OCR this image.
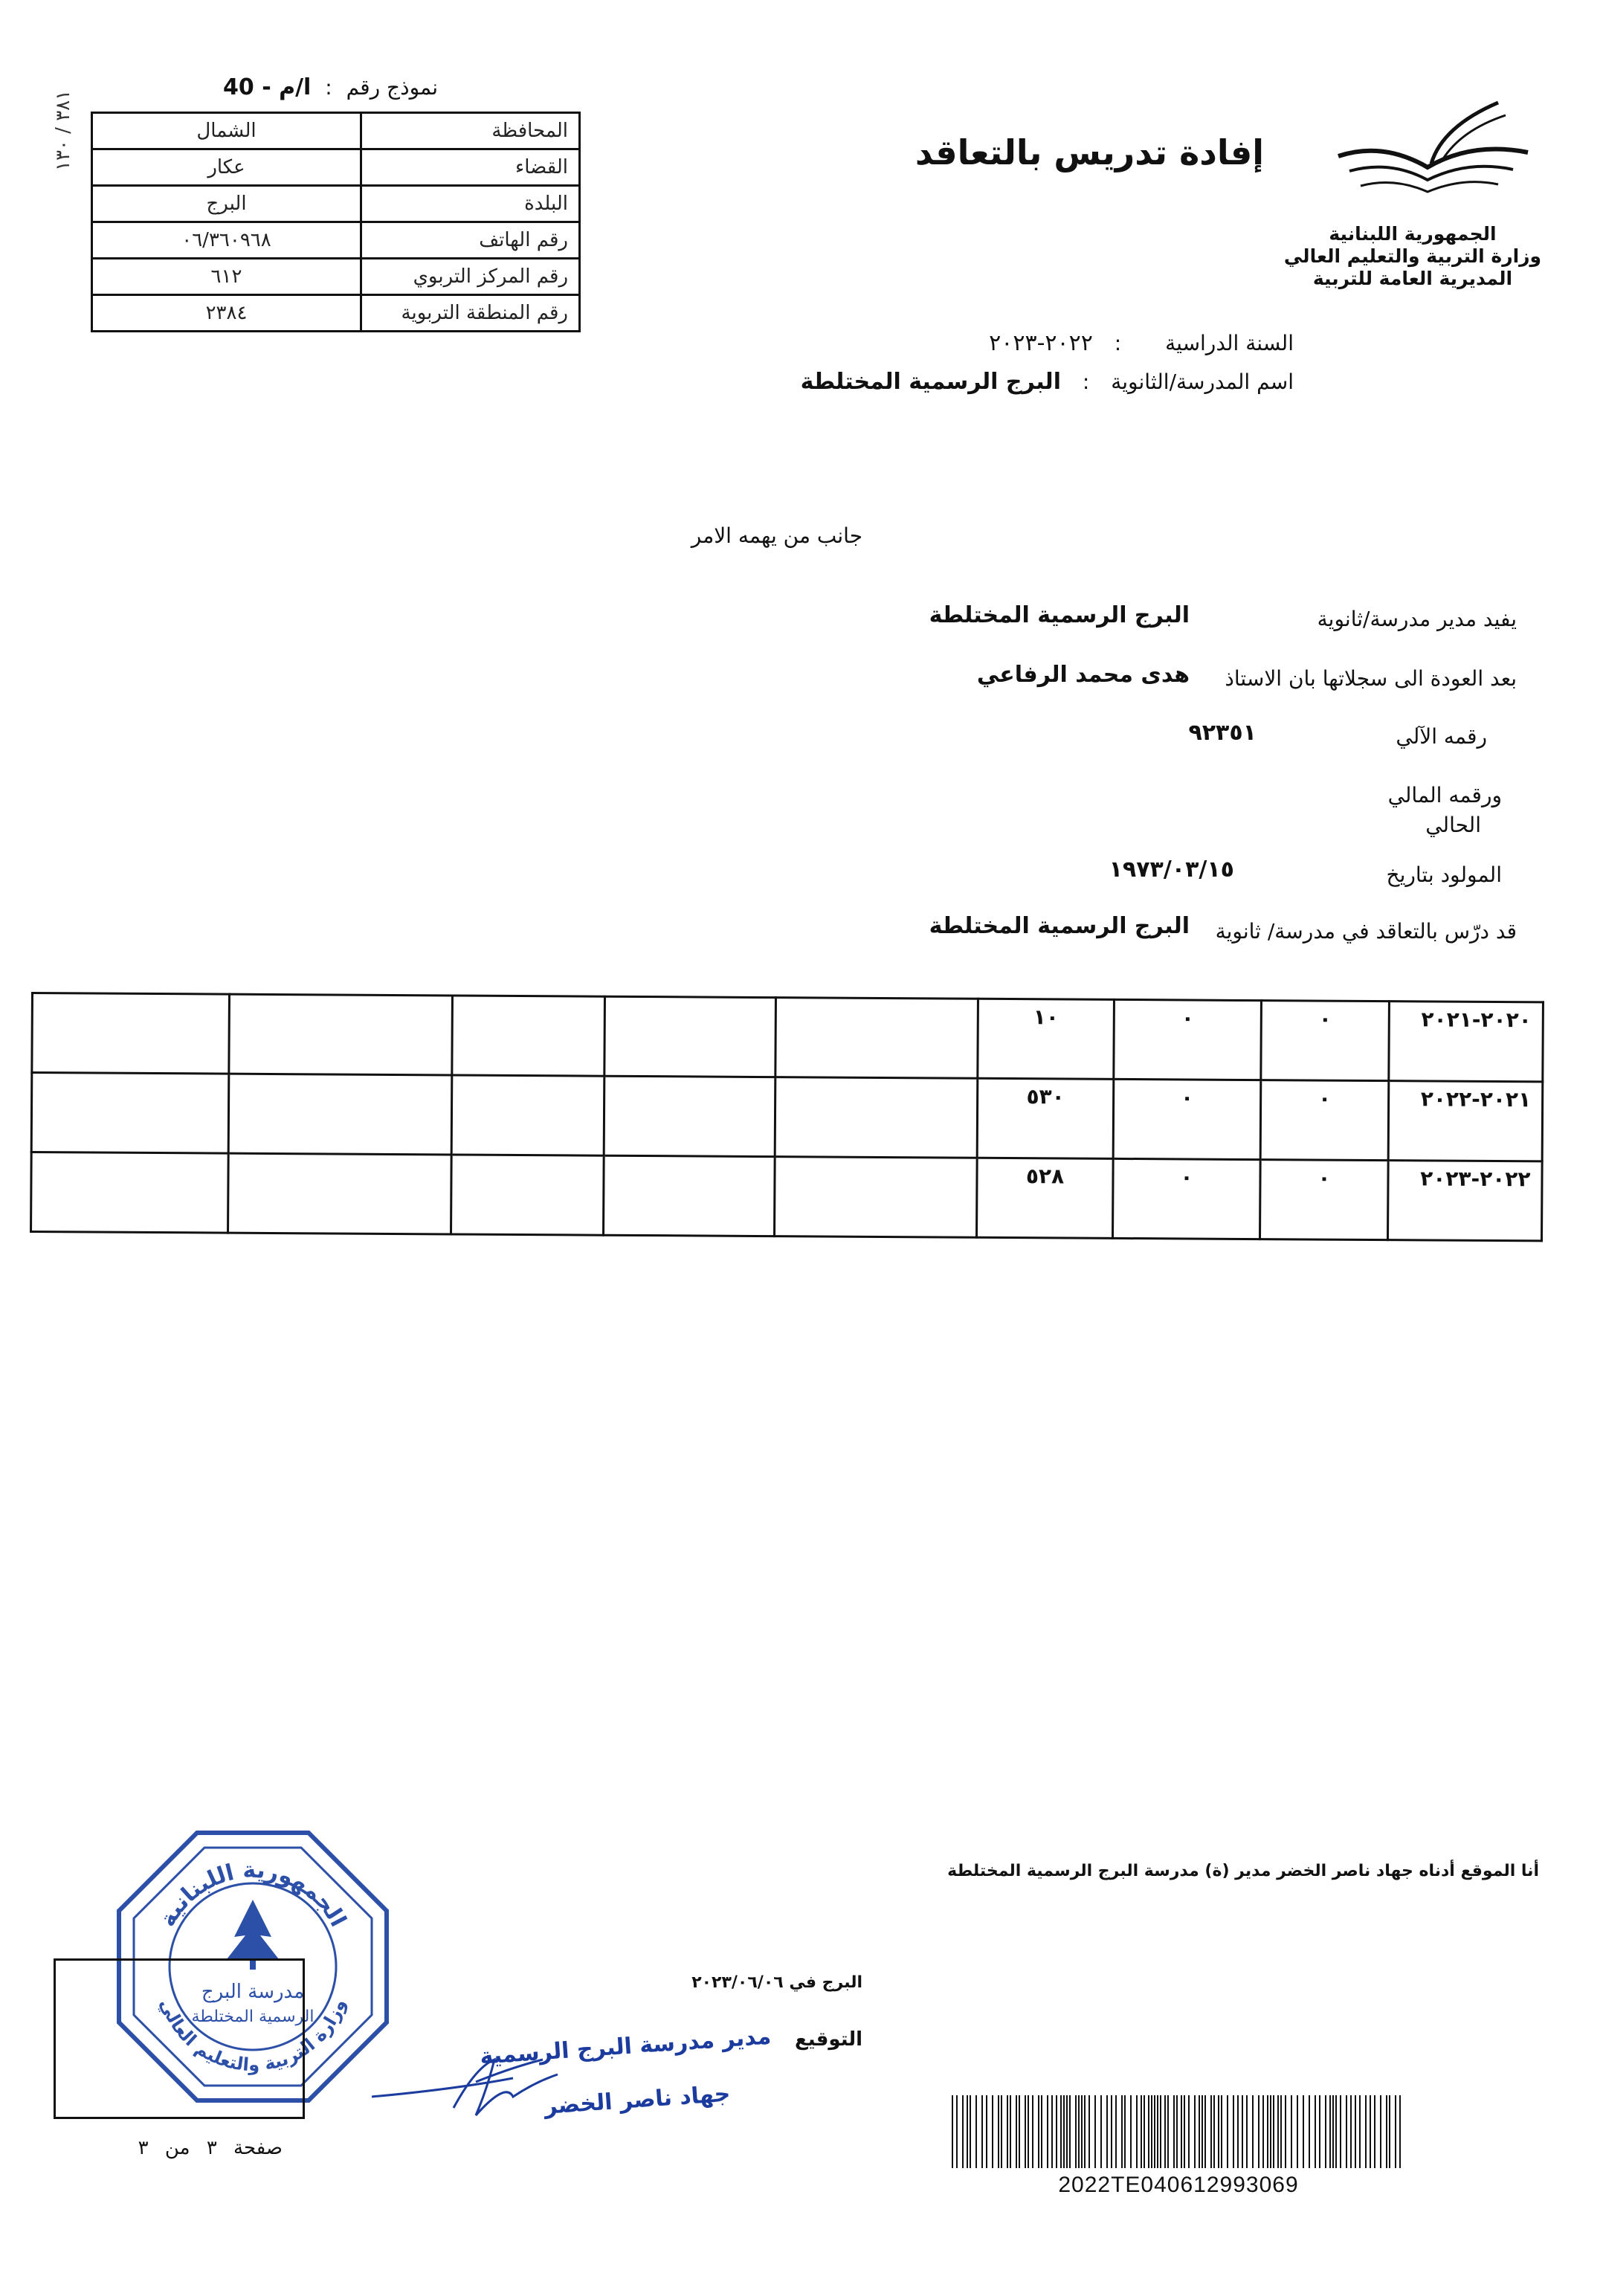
نموذج رقم : ا/م - 40
٣٨١ / ١٣٠
الشمال	المحافظة
عكار	القضاء
البرج	البلدة
٠٦/٣٦٠٩٦٨	رقم الهاتف
٦١٢	رقم المركز التربوي
٢٣٨٤	رقم المنطقة التربوية
إفادة تدريس بالتعاقد
الجمهورية اللبنانية
وزارة التربية والتعليم العالي
المديرية العامة للتربية
السنة الدراسية : ٢٠٢٢-٢٠٢٣
اسم المدرسة/الثانوية : البرج الرسمية المختلطة
جانب من يهمه الامر
يفيد مدير مدرسة/ثانوية
البرج الرسمية المختلطة
بعد العودة الى سجلاتها بان الاستاذ
هدى محمد الرفاعي
رقمه الآلي
٩٢٣٥١
ورقمه المالي
الحالي
المولود بتاريخ
١٩٧٣/٠٣/١٥
قد درّس بالتعاقد في مدرسة/ ثانوية
البرج الرسمية المختلطة
					١٠	٠	٠	٢٠٢٠-٢٠٢١
					٥٣٠	٠	٠	٢٠٢١-٢٠٢٢
					٥٢٨	٠	٠	٢٠٢٢-٢٠٢٣
أنا الموقع أدناه جهاد ناصر الخضر مدير (ة) مدرسة البرج الرسمية المختلطة
البرج في ٢٠٢٣/٠٦/٠٦
التوقيع
مدير مدرسة البرج الرسمية
جهاد ناصر الخضر
الجمهورية اللبنانية
وزارة التربية والتعليم العالي
مدرسة البرج
الرسمية المختلطة
صفحة ٣ من ٣
2022TE040612993069
